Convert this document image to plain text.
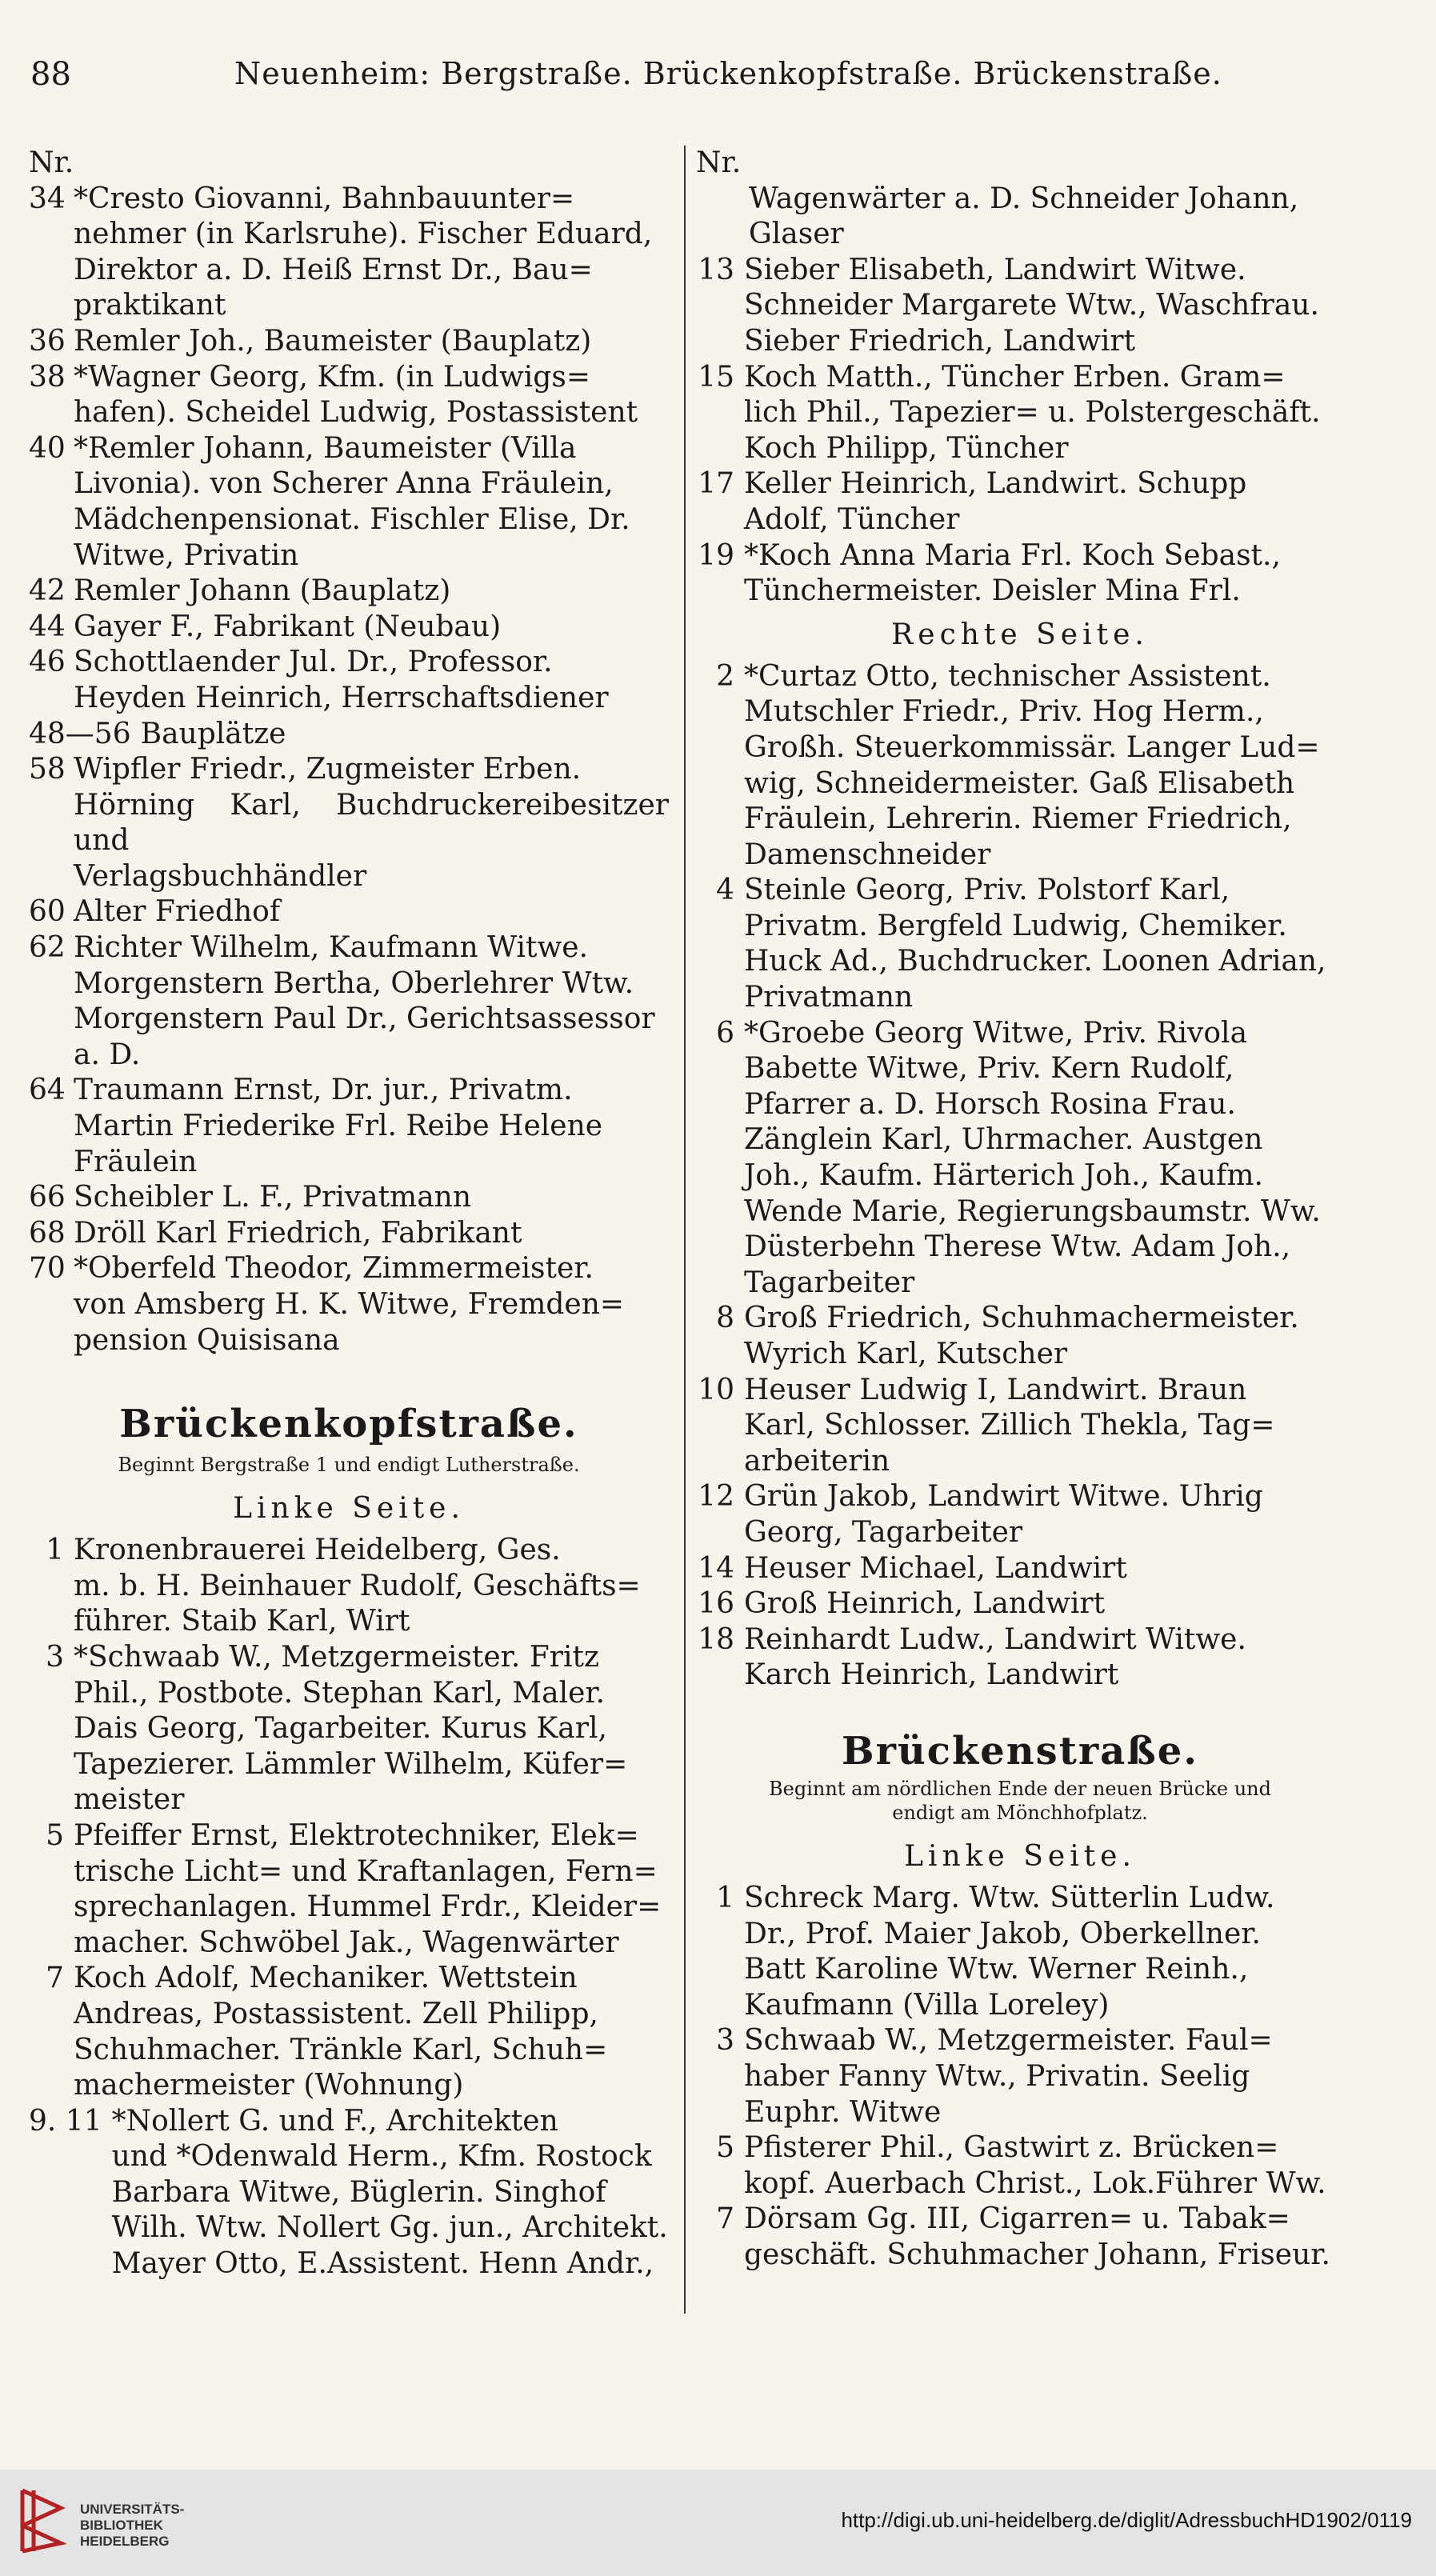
88	Neuenheim: Bergstraße. Brückenkopfstraße. Brückenstraße.
Nr.
34 *Cresto Giovanni, Bahnbauunter=
nehmer (in Karlsruhe). Fischer Eduard,
Direktor a. D. Heiß Ernst Dr., Bau=
praktikant
36 Remler Joh., Baumeister (Bauplatz)
38 *Wagner Georg, Kfm. (in Ludwigs=
hafen). Scheidel Ludwig, Postassistent
40 *Remler Johann, Baumeister (Villa
Livonia). von Scherer Anna Fräulein,
Mädchenpensionat. Fischler Elise, Dr.
Witwe, Privatin
42 Remler Johann (Bauplatz)
44 Gayer F., Fabrikant (Neubau)
46 Schottlaender Jul. Dr., Professor.
Heyden Heinrich, Herrschaftsdiener
48—56 Bauplätze
58 Wipfler Friedr., Zugmeister Erben.
Hörning Karl, Buchdruckereibesitzer und
Verlagsbuchhändler
60 Alter Friedhof
62 Richter Wilhelm, Kaufmann Witwe.
Morgenstern Bertha, Oberlehrer Wtw.
Morgenstern Paul Dr., Gerichtsassessor
a. D.
64 Traumann Ernst, Dr. jur., Privatm.
Martin Friederike Frl. Reibe Helene
Fräulein
66 Scheibler L. F., Privatmann
68 Dröll Karl Friedrich, Fabrikant
70 *Oberfeld Theodor, Zimmermeister.
von Amsberg H. K. Witwe, Fremden=
pension Quisisana
Brückenkopfstraße.
Beginnt Bergstraße 1 und endigt Lutherstraße.
Linke Seite.
1 Kronenbrauerei Heidelberg, Ges.
m. b. H. Beinhauer Rudolf, Geschäfts=
führer. Staib Karl, Wirt
3 *Schwaab W., Metzgermeister. Fritz
Phil., Postbote. Stephan Karl, Maler.
Dais Georg, Tagarbeiter. Kurus Karl,
Tapezierer. Lämmler Wilhelm, Küfer=
meister
5 Pfeiffer Ernst, Elektrotechniker, Elek=
trische Licht= und Kraftanlagen, Fern=
sprechanlagen. Hummel Frdr., Kleider=
macher. Schwöbel Jak., Wagenwärter
7 Koch Adolf, Mechaniker. Wettstein
Andreas, Postassistent. Zell Philipp,
Schuhmacher. Tränkle Karl, Schuh=
machermeister (Wohnung)
9. 11 *Nollert G. und F., Architekten
und *Odenwald Herm., Kfm. Rostock
Barbara Witwe, Büglerin. Singhof
Wilh. Wtw. Nollert Gg. jun., Architekt.
Mayer Otto, E.Assistent. Henn Andr.,
Nr.
Wagenwärter a. D. Schneider Johann,
Glaser
13 Sieber Elisabeth, Landwirt Witwe.
Schneider Margarete Wtw., Waschfrau.
Sieber Friedrich, Landwirt
15 Koch Matth., Tüncher Erben. Gram=
lich Phil., Tapezier= u. Polstergeschäft.
Koch Philipp, Tüncher
17 Keller Heinrich, Landwirt. Schupp
Adolf, Tüncher
19 *Koch Anna Maria Frl. Koch Sebast.,
Tünchermeister. Deisler Mina Frl.
Rechte Seite.
2 *Curtaz Otto, technischer Assistent.
Mutschler Friedr., Priv. Hog Herm.,
Großh. Steuerkommissär. Langer Lud=
wig, Schneidermeister. Gaß Elisabeth
Fräulein, Lehrerin. Riemer Friedrich,
Damenschneider
4 Steinle Georg, Priv. Polstorf Karl,
Privatm. Bergfeld Ludwig, Chemiker.
Huck Ad., Buchdrucker. Loonen Adrian,
Privatmann
6 *Groebe Georg Witwe, Priv. Rivola
Babette Witwe, Priv. Kern Rudolf,
Pfarrer a. D. Horsch Rosina Frau.
Zänglein Karl, Uhrmacher. Austgen
Joh., Kaufm. Härterich Joh., Kaufm.
Wende Marie, Regierungsbaumstr. Ww.
Düsterbehn Therese Wtw. Adam Joh.,
Tagarbeiter
8 Groß Friedrich, Schuhmachermeister.
Wyrich Karl, Kutscher
10 Heuser Ludwig I, Landwirt. Braun
Karl, Schlosser. Zillich Thekla, Tag=
arbeiterin
12 Grün Jakob, Landwirt Witwe. Uhrig
Georg, Tagarbeiter
14 Heuser Michael, Landwirt
16 Groß Heinrich, Landwirt
18 Reinhardt Ludw., Landwirt Witwe.
Karch Heinrich, Landwirt
Brückenstraße.
Beginnt am nördlichen Ende der neuen Brücke und
endigt am Mönchhofplatz.
Linke Seite.
1 Schreck Marg. Wtw. Sütterlin Ludw.
Dr., Prof. Maier Jakob, Oberkellner.
Batt Karoline Wtw. Werner Reinh.,
Kaufmann (Villa Loreley)
3 Schwaab W., Metzgermeister. Faul=
haber Fanny Wtw., Privatin. Seelig
Euphr. Witwe
5 Pfisterer Phil., Gastwirt z. Brücken=
kopf. Auerbach Christ., Lok.Führer Ww.
7 Dörsam Gg. III, Cigarren= u. Tabak=
geschäft. Schuhmacher Johann, Friseur.
UNIVERSITÄTS-
BIBLIOTHEK
HEIDELBERG
http://digi.ub.uni-heidelberg.de/diglit/AdressbuchHD1902/0119
